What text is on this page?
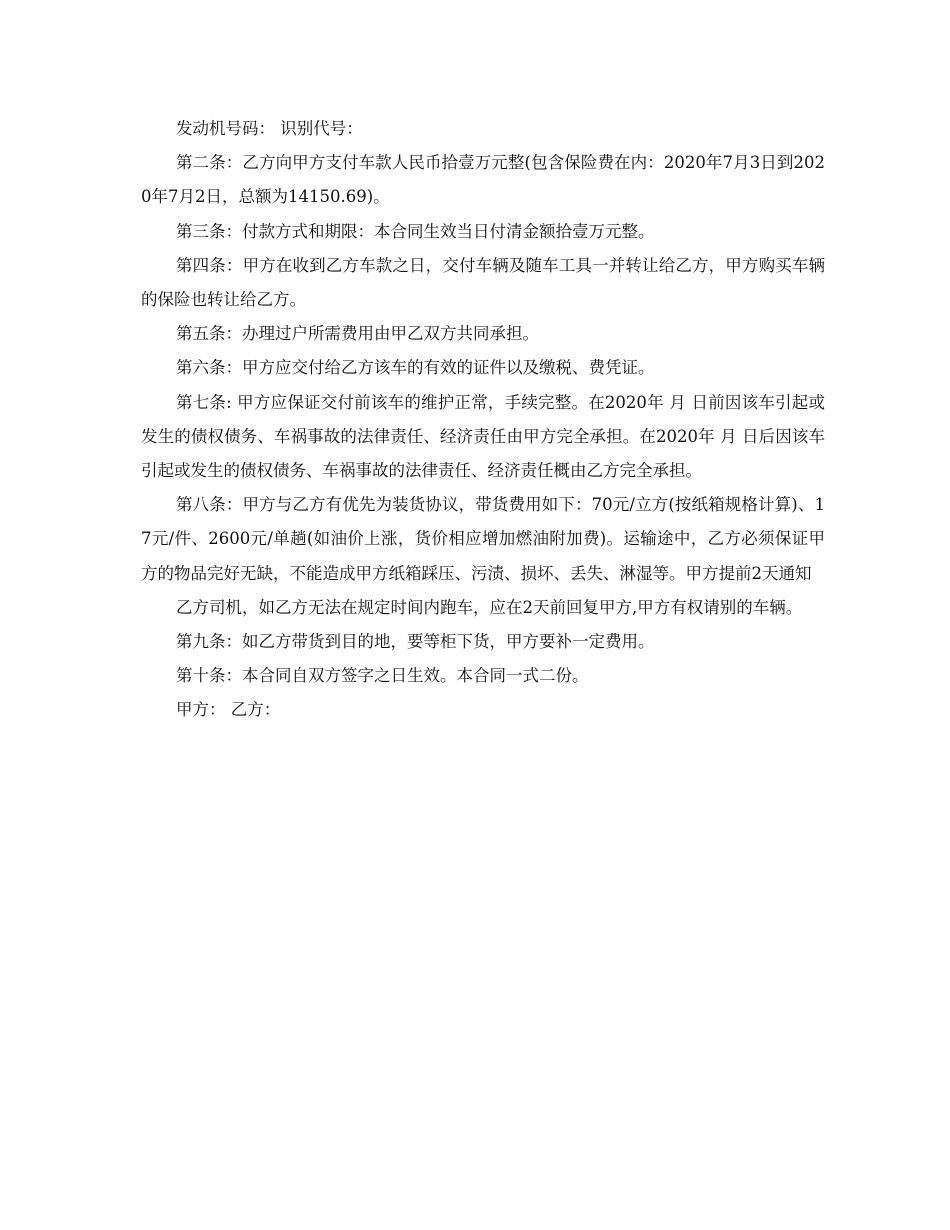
发动机号码： 识别代号：

第二条：乙方向甲方支付车款人民币拾壹万元整(包含保险费在内：2020年7月3日到2020年7月2日，总额为14150.69)。

第三条：付款方式和期限：本合同生效当日付清金额拾壹万元整。

第四条：甲方在收到乙方车款之日，交付车辆及随车工具一并转让给乙方，甲方购买车辆的保险也转让给乙方。

第五条：办理过户所需费用由甲乙双方共同承担。

第六条：甲方应交付给乙方该车的有效的证件以及缴税、费凭证。

第七条: 甲方应保证交付前该车的维护正常，手续完整。在2020年 月 日前因该车引起或发生的债权债务、车祸事故的法律责任、经济责任由甲方完全承担。在2020年 月 日后因该车引起或发生的债权债务、车祸事故的法律责任、经济责任概由乙方完全承担。

第八条：甲方与乙方有优先为装货协议，带货费用如下：70元/立方(按纸箱规格计算)、17元/件、2600元/单趟(如油价上涨，货价相应增加燃油附加费)。运输途中，乙方必须保证甲方的物品完好无缺，不能造成甲方纸箱踩压、污渍、损坏、丢失、淋湿等。甲方提前2天通知

乙方司机，如乙方无法在规定时间内跑车，应在2天前回复甲方,甲方有权请别的车辆。

第九条：如乙方带货到目的地，要等柜下货，甲方要补一定费用。

第十条：本合同自双方签字之日生效。本合同一式二份。

甲方： 乙方：
